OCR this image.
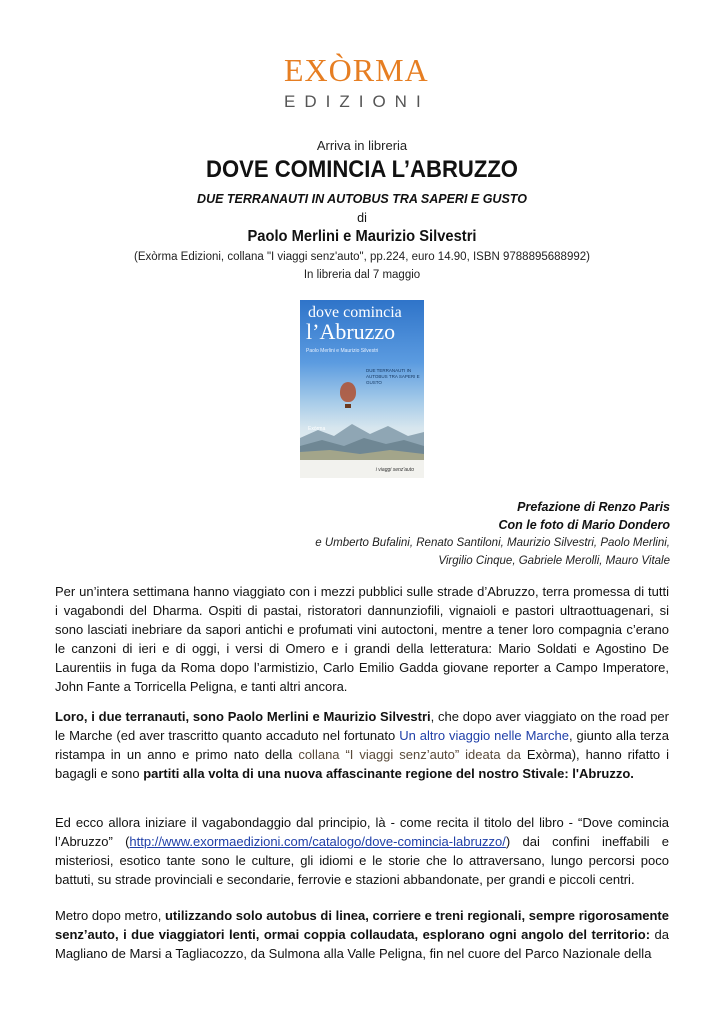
EXÒRMA
EDIZIONI
Arriva in libreria
DOVE COMINCIA L’ABRUZZO
DUE TERRANAUTI IN AUTOBUS TRA SAPERI E GUSTO
di
Paolo Merlini e Maurizio Silvestri
(Exòrma Edizioni, collana "I viaggi senz'auto", pp.224, euro 14.90, ISBN 9788895688992)
In libreria dal 7 maggio
dove comincia
l’Abruzzo
Paolo Merlini e Maurizio Silvestri
DUE TERRANAUTI IN AUTOBUS TRA SAPERI E GUSTO
Exòrma
i viaggi senz'auto
Prefazione di Renzo Paris
Con le foto di Mario Dondero
e Umberto Bufalini, Renato Santiloni, Maurizio Silvestri, Paolo Merlini,
Virgilio Cinque, Gabriele Merolli, Mauro Vitale
Per un’intera settimana hanno viaggiato con i mezzi pubblici sulle strade d’Abruzzo, terra promessa di tutti i vagabondi del Dharma. Ospiti di pastai, ristoratori dannunziofili, vignaioli e pastori ultraottuagenari, si sono lasciati inebriare da sapori antichi e profumati vini autoctoni, mentre a tener loro compagnia c’erano le canzoni di ieri e di oggi, i versi di Omero e i grandi della letteratura: Mario Soldati e Agostino De Laurentiis in fuga da Roma dopo l’armistizio, Carlo Emilio Gadda giovane reporter a Campo Imperatore, John Fante a Torricella Peligna, e tanti altri ancora.
Loro, i due terranauti, sono Paolo Merlini e Maurizio Silvestri, che dopo aver viaggiato on the road per le Marche (ed aver trascritto quanto accaduto nel fortunato Un altro viaggio nelle Marche, giunto alla terza ristampa in un anno e primo nato della collana “I viaggi senz’auto” ideata da Exòrma), hanno rifatto i bagagli e sono partiti alla volta di una nuova affascinante regione del nostro Stivale: l'Abruzzo.
Ed ecco allora iniziare il vagabondaggio dal principio, là - come recita il titolo del libro - “Dove comincia l’Abruzzo” (http://www.exormaedizioni.com/catalogo/dove-comincia-labruzzo/) dai confini ineffabili e misteriosi, esotico tante sono le culture, gli idiomi e le storie che lo attraversano, lungo percorsi poco battuti, su strade provinciali e secondarie, ferrovie e stazioni abbandonate, per grandi e piccoli centri.
Metro dopo metro, utilizzando solo autobus di linea, corriere e treni regionali, sempre rigorosamente senz’auto, i due viaggiatori lenti, ormai coppia collaudata, esplorano ogni angolo del territorio: da Magliano de Marsi a Tagliacozzo, da Sulmona alla Valle Peligna, fin nel cuore del Parco Nazionale della
